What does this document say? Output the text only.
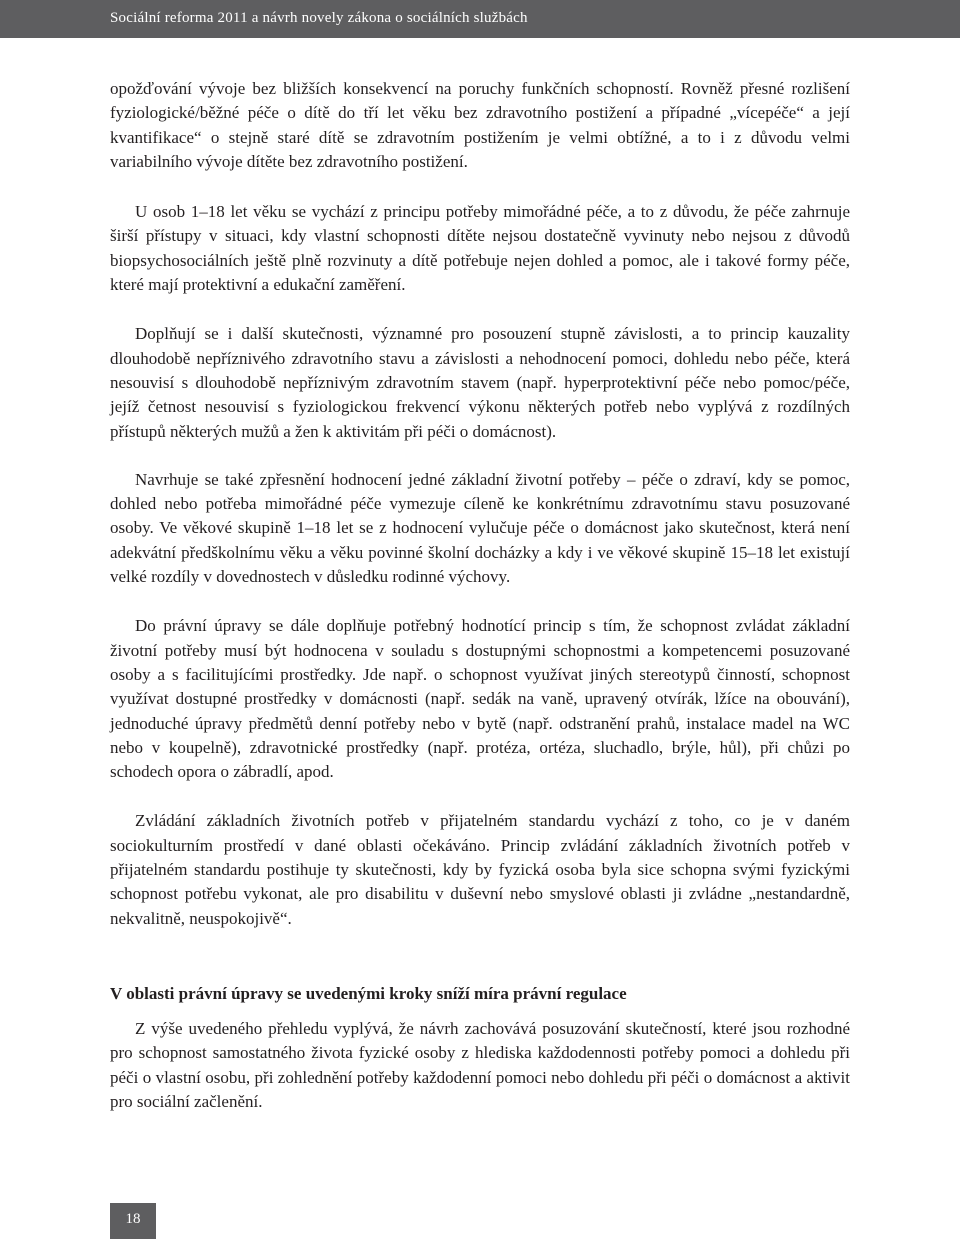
Sociální reforma 2011 a návrh novely zákona o sociálních službách

opožďování vývoje bez bližších konsekvencí na poruchy funkčních schopností. Rovněž přesné rozlišení fyziologické/běžné péče o dítě do tří let věku bez zdravotního postižení a případné „vícepéče“ a její kvantifikace“ o stejně staré dítě se zdravotním postižením je velmi obtížné, a to i z důvodu velmi variabilního vývoje dítěte bez zdravotního postižení.

U osob 1–18 let věku se vychází z principu potřeby mimořádné péče, a to z důvodu, že péče zahrnuje širší přístupy v situaci, kdy vlastní schopnosti dítěte nejsou dostatečně vyvinuty nebo nejsou z důvodů biopsychosociálních ještě plně rozvinuty a dítě potřebuje nejen dohled a pomoc, ale i takové formy péče, které mají protektivní a edukační zaměření.

Doplňují se i další skutečnosti, významné pro posouzení stupně závislosti, a to princip kauzality dlouhodobě nepříznivého zdravotního stavu a závislosti a nehodnocení pomoci, dohledu nebo péče, která nesouvisí s dlouhodobě nepříznivým zdravotním stavem (např. hyperprotektivní péče nebo pomoc/péče, jejíž četnost nesouvisí s fyziologickou frekvencí výkonu některých potřeb nebo vyplývá z rozdílných přístupů některých mužů a žen k aktivitám při péči o domácnost).

Navrhuje se také zpřesnění hodnocení jedné základní životní potřeby – péče o zdraví, kdy se pomoc, dohled nebo potřeba mimořádné péče vymezuje cíleně ke konkrétnímu zdravotnímu stavu posuzované osoby. Ve věkové skupině 1–18 let se z hodnocení vylučuje péče o domácnost jako skutečnost, která není adekvátní předškolnímu věku a věku povinné školní docházky a kdy i ve věkové skupině 15–18 let existují velké rozdíly v dovednostech v důsledku rodinné výchovy.

Do právní úpravy se dále doplňuje potřebný hodnotící princip s tím, že schopnost zvládat základní životní potřeby musí být hodnocena v souladu s dostupnými schopnostmi a kompetencemi posuzované osoby a s facilitujícími prostředky. Jde např. o schopnost využívat jiných stereotypů činností, schopnost využívat dostupné prostředky v domácnosti (např. sedák na vaně, upravený otvírák, lžíce na obouvání), jednoduché úpravy předmětů denní potřeby nebo v bytě (např. odstranění prahů, instalace madel na WC nebo v koupelně), zdravotnické prostředky (např. protéza, ortéza, sluchadlo, brýle, hůl), při chůzi po schodech opora o zábradlí, apod.

Zvládání základních životních potřeb v přijatelném standardu vychází z toho, co je v daném sociokulturním prostředí v dané oblasti očekáváno. Princip zvládání základních životních potřeb v přijatelném standardu postihuje ty skutečnosti, kdy by fyzická osoba byla sice schopna svými fyzickými schopnost potřebu vykonat, ale pro disabilitu v duševní nebo smyslové oblasti ji zvládne „nestandardně, nekvalitně, neuspokojivě“.

V oblasti právní úpravy se uvedenými kroky sníží míra právní regulace

Z výše uvedeného přehledu vyplývá, že návrh zachovává posuzování skutečností, které jsou rozhodné pro schopnost samostatného života fyzické osoby z hlediska každodennosti potřeby pomoci a dohledu při péči o vlastní osobu, při zohlednění potřeby každodenní pomoci nebo dohledu při péči o domácnost a aktivit pro sociální začlenění.

18
